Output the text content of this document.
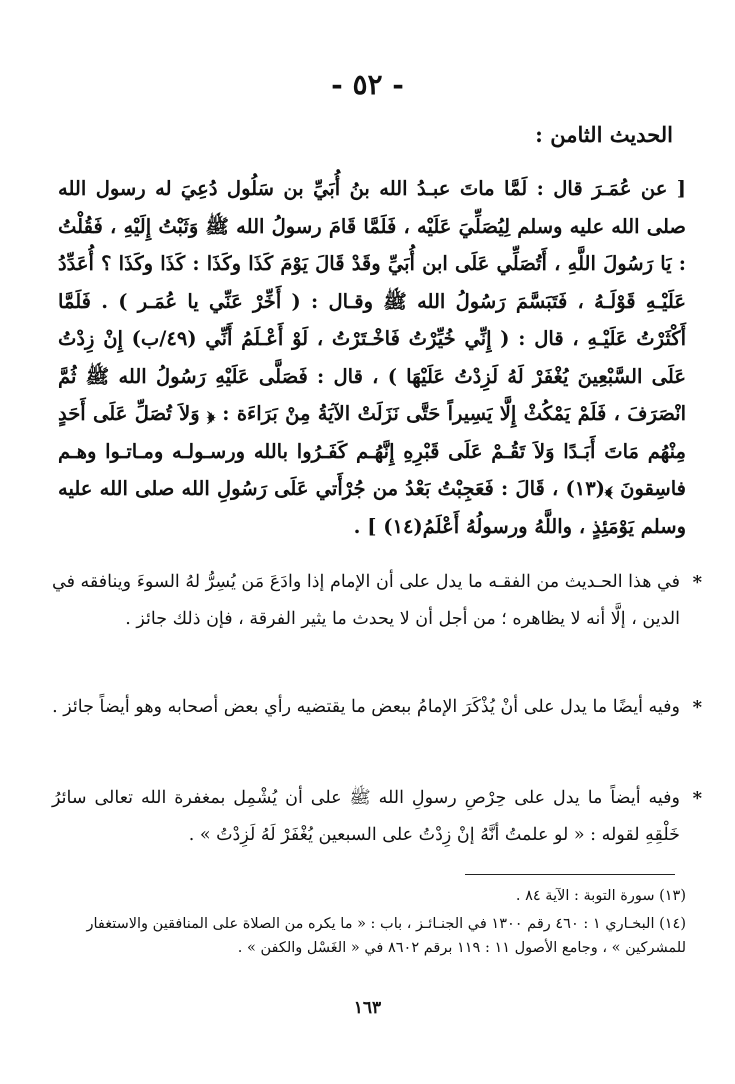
- ٥٢ -
الحديث الثامن :
[ عن عُمَـرَ قال : لَمَّا ماتَ عبـدُ الله بنُ أُبَيِّ بن سَلُول دُعِيَ له رسول الله صلى الله عليه وسلم لِيُصَلِّيَ عَلَيْه ، فَلَمَّا قَامَ رسولُ الله ﷺ وَثَبْتُ إِلَيْهِ ، فَقُلْتُ : يَا رَسُولَ اللَّهِ ، أَتُصَلِّي عَلَى ابن أُبَيِّ وقَدْ قَالَ يَوْمَ كَذَا وكَذَا : كَذَا وكَذَا ؟ أُعَدِّدُ عَلَيْـهِ قَوْلَـهُ ، فَتَبَسَّمَ رَسُولُ الله ﷺ وقـال : ( أَخِّرْ عَنِّي يا عُمَـر ) . فَلَمَّا أَكْثَرْتُ عَلَيْـهِ ، قال : ( إِنِّي خُيِّرْتُ فَاخْـتَرْتُ ، لَوْ أَعْـلَمُ أَنِّي (٤٩/ب) إِنْ زِدْتُ عَلَى السَّبْعِينَ يُغْفَرْ لَهُ لَزِدْتُ عَلَيْهَا ) ، قال : فَصَلَّى عَلَيْهِ رَسُولُ الله ﷺ ثُمَّ انْصَرَفَ ، فَلَمْ يَمْكُثْ إِلَّا يَسِيراً حَتَّى نَزَلَتْ الآيَةُ مِنْ بَرَاءَة : ﴿ وَلاَ تُصَلِّ عَلَى أَحَدٍ مِنْهُم مَاتَ أَبَـدًا وَلاَ تَقُـمْ عَلَى قَبْرِهِ إِنَّهُـم كَفَـرُوا بالله ورسـولـه ومـاتـوا وهـم فاسِقونَ ﴾(١٣) ، قَالَ : فَعَجِبْتُ بَعْدُ من جُرْأَتي عَلَى رَسُولِ الله صلى الله عليه وسلم يَوْمَئِذٍ ، واللَّهُ ورسولُهُ أَعْلَمُ(١٤) ] .
*
في هذا الحـديث من الفقـه ما يدل على أن الإمام إذا وادَعَ مَن يُسِرُّ لهُ السوءَ وينافقه في الدين ، إلَّا أنه لا يظاهره ؛ من أجل أن لا يحدث ما يثير الفرقة ، فإن ذلك جائز .
*
وفيه أيضًا ما يدل على أنْ يُذْكَرَ الإمامُ ببعض ما يقتضيه رأي بعض أصحابه وهو أيضاً جائز .
*
وفيه أيضاً ما يدل على حِرْصِ رسولِ الله ﷺ على أن يُشْمِل بمغفرة الله تعالى سائرُ خَلْقِهِ لقوله : « لو علمتُ أنَّهُ إنْ زِدْتُ على السبعين يُغْفَرْ لَهُ لَزِدْتُ » .
(١٣) سورة التوبة : الآية ٨٤ .
(١٤) البخـاري ١ : ٤٦٠ رقم ١٣٠٠ في الجنـائـز ، باب : « ما يكره من الصلاة على المنافقين والاستغفار للمشركين » ، وجامع الأصول ١١ : ١١٩ برقم ٨٦٠٢ في « الغَسْل والكفن » .
١٦٣
